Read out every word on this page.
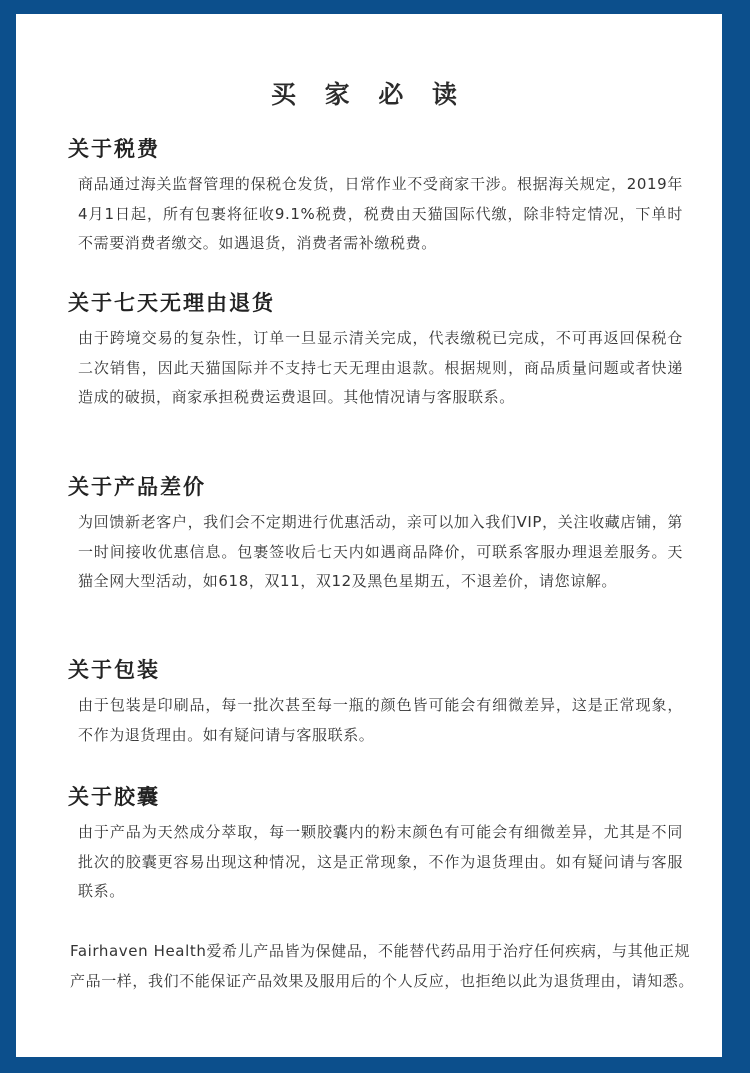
买 家 必 读
关于税费

商品通过海关监督管理的保税仓发货，日常作业不受商家干涉。根据海关规定，2019年4月1日起，所有包裹将征收9.1%税费，税费由天猫国际代缴，除非特定情况，下单时不需要消费者缴交。如遇退货，消费者需补缴税费。

关于七天无理由退货

由于跨境交易的复杂性，订单一旦显示清关完成，代表缴税已完成，不可再返回保税仓二次销售，因此天猫国际并不支持七天无理由退款。根据规则，商品质量问题或者快递造成的破损，商家承担税费运费退回。其他情况请与客服联系。

关于产品差价

为回馈新老客户，我们会不定期进行优惠活动，亲可以加入我们VIP，关注收藏店铺，第一时间接收优惠信息。包裹签收后七天内如遇商品降价，可联系客服办理退差服务。天猫全网大型活动，如618，双11，双12及黑色星期五，不退差价，请您谅解。

关于包装

由于包装是印刷品，每一批次甚至每一瓶的颜色皆可能会有细微差异，这是正常现象，不作为退货理由。如有疑问请与客服联系。

关于胶囊

由于产品为天然成分萃取，每一颗胶囊内的粉末颜色有可能会有细微差异，尤其是不同批次的胶囊更容易出现这种情况，这是正常现象，不作为退货理由。如有疑问请与客服联系。

Fairhaven Health爱希儿产品皆为保健品，不能替代药品用于治疗任何疾病，与其他正规产品一样，我们不能保证产品效果及服用后的个人反应，也拒绝以此为退货理由，请知悉。
